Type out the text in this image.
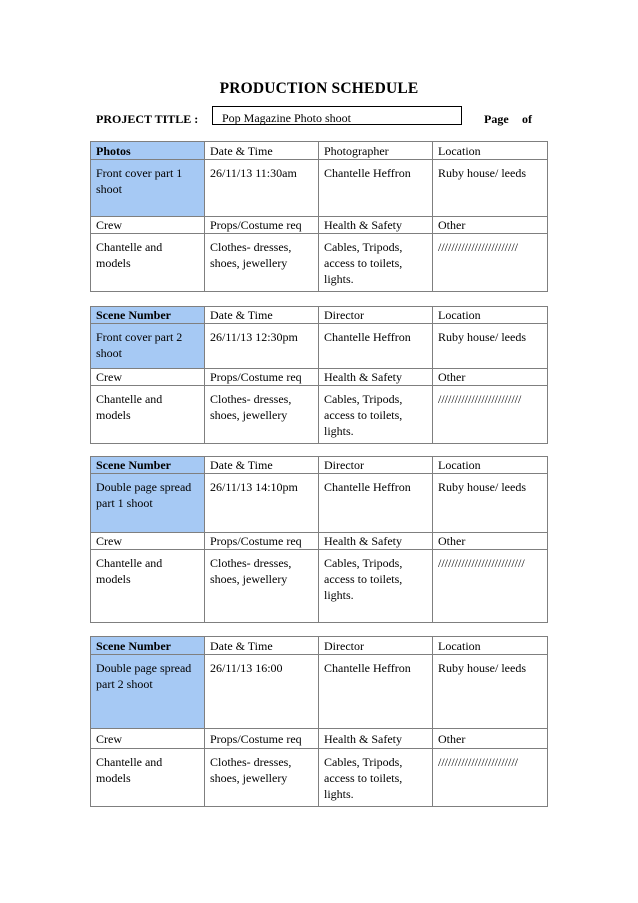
PRODUCTION SCHEDULE
PROJECT TITLE :	Pop Magazine Photo shoot	Page of
Photos	Date & Time	Photographer	Location
Front cover part 1 shoot	26/11/13 11:30am	Chantelle Heffron	Ruby house/ leeds
Crew	Props/Costume req	Health & Safety	Other
Chantelle and models	Clothes- dresses, shoes, jewellery	Cables, Tripods, access to toilets, lights.	////////////////////////
Scene Number	Date & Time	Director	Location
Front cover part 2 shoot	26/11/13 12:30pm	Chantelle Heffron	Ruby house/ leeds
Crew	Props/Costume req	Health & Safety	Other
Chantelle and models	Clothes- dresses, shoes, jewellery	Cables, Tripods, access to toilets, lights.	/////////////////////////
Scene Number	Date & Time	Director	Location
Double page spread part 1 shoot	26/11/13 14:10pm	Chantelle Heffron	Ruby house/ leeds
Crew	Props/Costume req	Health & Safety	Other
Chantelle and models	Clothes- dresses, shoes, jewellery	Cables, Tripods, access to toilets, lights.	//////////////////////////
Scene Number	Date & Time	Director	Location
Double page spread part 2 shoot	26/11/13 16:00	Chantelle Heffron	Ruby house/ leeds
Crew	Props/Costume req	Health & Safety	Other
Chantelle and models	Clothes- dresses, shoes, jewellery	Cables, Tripods, access to toilets, lights.	////////////////////////
